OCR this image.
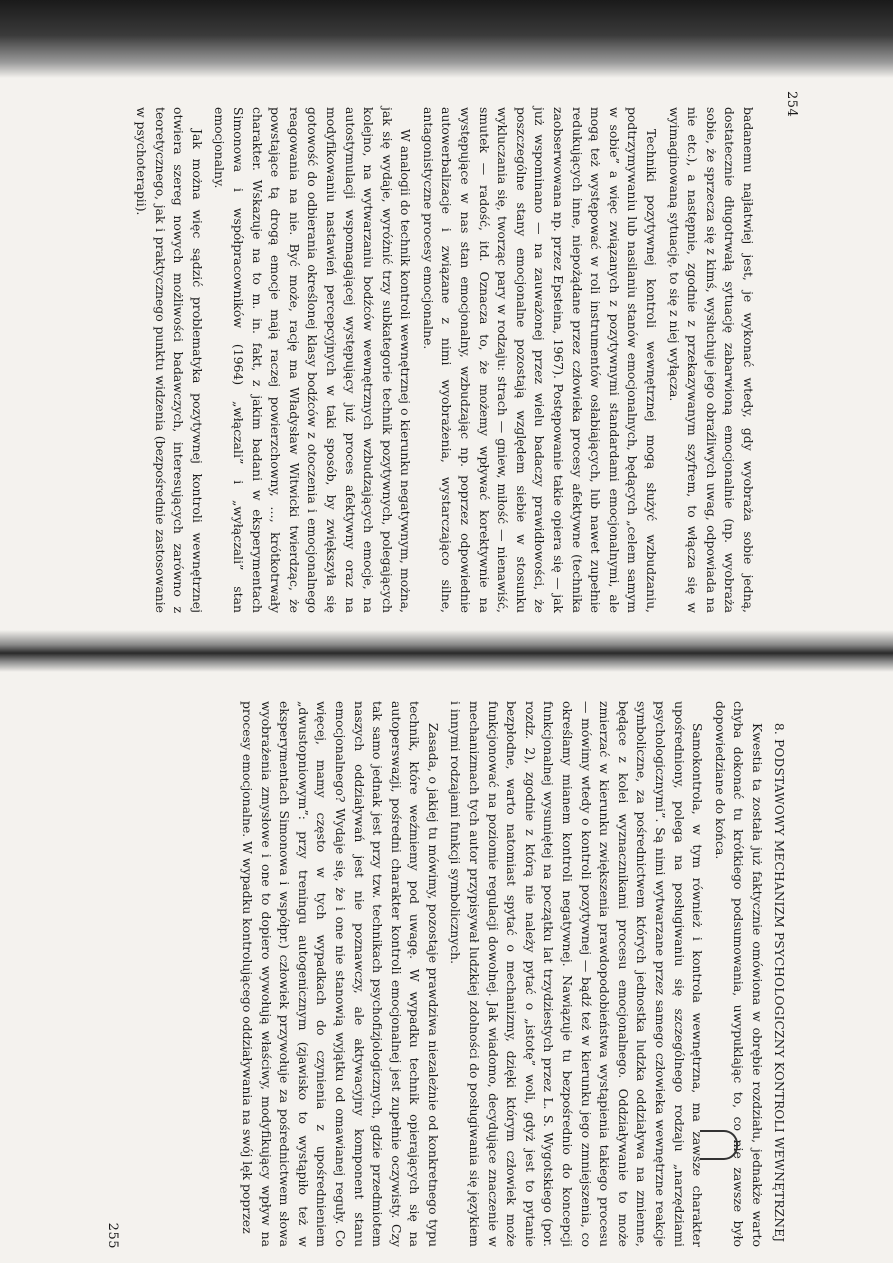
254

badanemu najłatwiej jest, je wykonać wtedy, gdy wyobraża sobie jedną, dostatecznie długotrwałą sytuację zabarwioną emocjonalnie (np. wyobraża sobie, że sprzecza się z kimś, wysłuchuje jego obraźliwych uwag, odpowiada na nie etc.), a następnie, zgodnie z przekazywanym szyfrem, to włącza się w wyimaginowaną sytuację, to się z niej wyłącza.

Techniki pozytywnej kontroli wewnętrznej mogą służyć wzbudzaniu, podtrzymywaniu lub nasilaniu stanów emocjonalnych, będących „celem samym w sobie” a więc związanych z pozytywnymi standardami emocjonalnymi, ale mogą też występować w roli instrumentów osłabiających, lub nawet zupełnie redukujących inne, niepożądane przez człowieka procesy afektywne (technika zaobserwowana np. przez Epsteina, 1967). Postępowanie takie opiera się — jak już wspominano — na zauważonej przez wielu badaczy prawidłowości, że poszczególne stany emocjonalne pozostają względem siebie w stosunku wykluczania się, tworząc pary w rodzaju: strach — gniew, miłość — nienawiść, smutek — radość, itd. Oznacza to, że możemy wpływać korektywnie na występujące w nas stan emocjonalny, wzbudzając np. poprzez odpowiednie autowerbalizacje i związane z nimi wyobrażenia, wystarczająco silne, antagonistyczne procesy emocjonalne.

W analogii do technik kontroli wewnętrznej o kierunku negatywnym, można, jak się wydaje, wyróżnić trzy subkategorie technik pozytywnych, polegających kolejno, na wytwarzaniu bodźców wewnętrznych wzbudzających emocje, na autostymulacji wspomagającej występujący już proces afektywny oraz na modyfikowaniu nastawień percepcyjnych w taki sposób, by zwiększyła się gotowość do odbierania określonej klasy bodźców z otoczenia i emocjonalnego reagowania na nie. Być może, rację ma Władysław Witwicki twierdząc, że powstające tą drogą emocje mają raczej powierzchowny, …, krótkotrwały charakter. Wskazuje na to m. in. fakt, z jakim badani w eksperymentach Simonowa i współpracowników (1964) „włączali” i „wyłączali” stan emocjonalny.

Jak można więc sądzić problematyka pozytywnej kontroli wewnętrznej otwiera szereg nowych możliwości badawczych, interesujących zarówno z teoretycznego, jak i praktycznego punktu widzenia (bezpośrednie zastosowanie w psychoterapii).

8. PODSTAWOWY MECHANIZM PSYCHOLOGICZNY KONTROLI WEWNĘTRZNEJ

Kwestia ta została już faktycznie omówiona w obrębie rozdziału, jednakże warto chyba dokonać tu krótkiego podsumowania, uwypuklając to, co nie zawsze było dopowiedziane do końca.

Samokontrola, w tym również i kontrola wewnętrzna, ma zawsze charakter upośredniony, polega na posługiwaniu się szczególnego rodzaju „narzędziami psychologicznymi”. Są nimi wytwarzane przez samego człowieka wewnętrzne reakcje symboliczne, za pośrednictwem których jednostka ludzka oddziaływa na zmienne, będące z kolei wyznacznikami procesu emocjonalnego. Oddziaływanie to może zmierzać w kierunku zwiększenia prawdopodobieństwa wystąpienia takiego procesu — mówimy wtedy o kontroli pozytywnej — bądź też w kierunku jego zmniejszenia, co określamy mianem kontroli negatywnej. Nawiązuje tu bezpośrednio do koncepcji funkcjonalnej wysuniętej na początku lat trzydziestych przez L. S. Wygotskiego (por. rozdz. 2), zgodnie z którą nie należy pytać o „istotę” woli, gdyż jest to pytanie bezpłodne, warto natomiast spytać o mechanizmy, dzięki którym człowiek może funkcjonować na poziomie regulacji dowolnej. Jak wiadomo, decydujące znaczenie w mechanizmach tych autor przypisywał ludzkiej zdolności do posługiwania się językiem i innymi rodzajami funkcji symbolicznych.

Zasada, o jakiej tu mówimy, pozostaje prawdziwa niezależnie od konkretnego typu technik, które weźmiemy pod uwagę. W wypadku technik opierających się na autoperswazji, pośredni charakter kontroli emocjonalnej jest zupełnie oczywisty. Czy tak samo jednak jest przy tzw. technikach psychofizjologicznych, gdzie przedmiotem naszych oddziaływań jest nie poznawczy, ale aktywacyjny komponent stanu emocjonalnego? Wydaje się, że i one nie stanowią wyjątku od omawianej reguły. Co więcej, mamy często w tych wypadkach do czynienia z upośrednieniem „dwustopniowym”: przy treningu autogenicznym (zjawisko to wystąpiło też w eksperymentach Simonowa i współpr.) człowiek przywołuje za pośrednictwem słowa wyobrażenia zmysłowe i one to dopiero wywołują właściwy, modyfikujący wpływ na procesy emocjonalne. W wypadku kontrolującego oddziaływania na swój lęk poprzez

255
